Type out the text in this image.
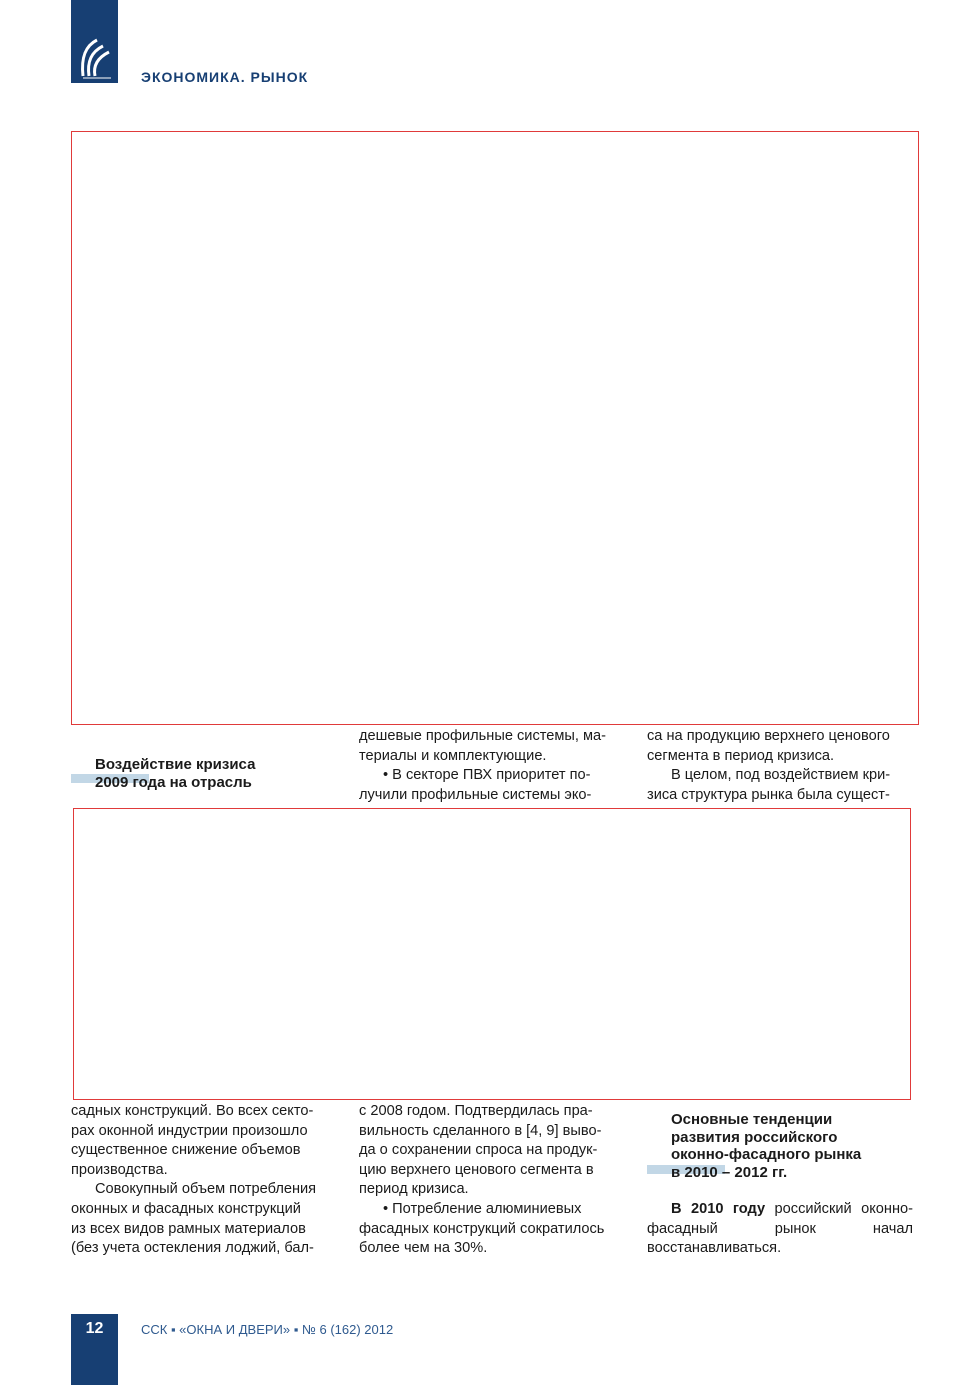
ЭКОНОМИКА. РЫНОК
Воздействие кризиса
2009 года на отрасль

дешевые профильные системы, ма-

териалы и комплектующие.

• В секторе ПВХ приоритет по-

лучили профильные системы эко-

са на продукцию верхнего ценового

сегмента в период кризиса.

В целом, под воздействием кри-

зиса структура рынка была сущест-

садных конструкций. Во всех секто-

рах оконной индустрии произошло

существенное снижение объемов

производства.

Совокупный объем потребления

оконных и фасадных конструкций

из всех видов рамных материалов

(без учета остекления лоджий, бал-

с 2008 годом. Подтвердилась пра-

вильность сделанного в [4, 9] выво-

да о сохранении спроса на продук-

цию верхнего ценового сегмента в

период кризиса.

• Потребление алюминиевых

фасадных конструкций сократилось

более чем на 30%.

Основные тенденции
развития российского
оконно-фасадного рынка
в 2010 – 2012 гг.

В 2010 году российский оконно-фасадный рынок начал восстанавливаться.

12	ССК ▪ «ОКНА И ДВЕРИ» ▪ № 6 (162) 2012
